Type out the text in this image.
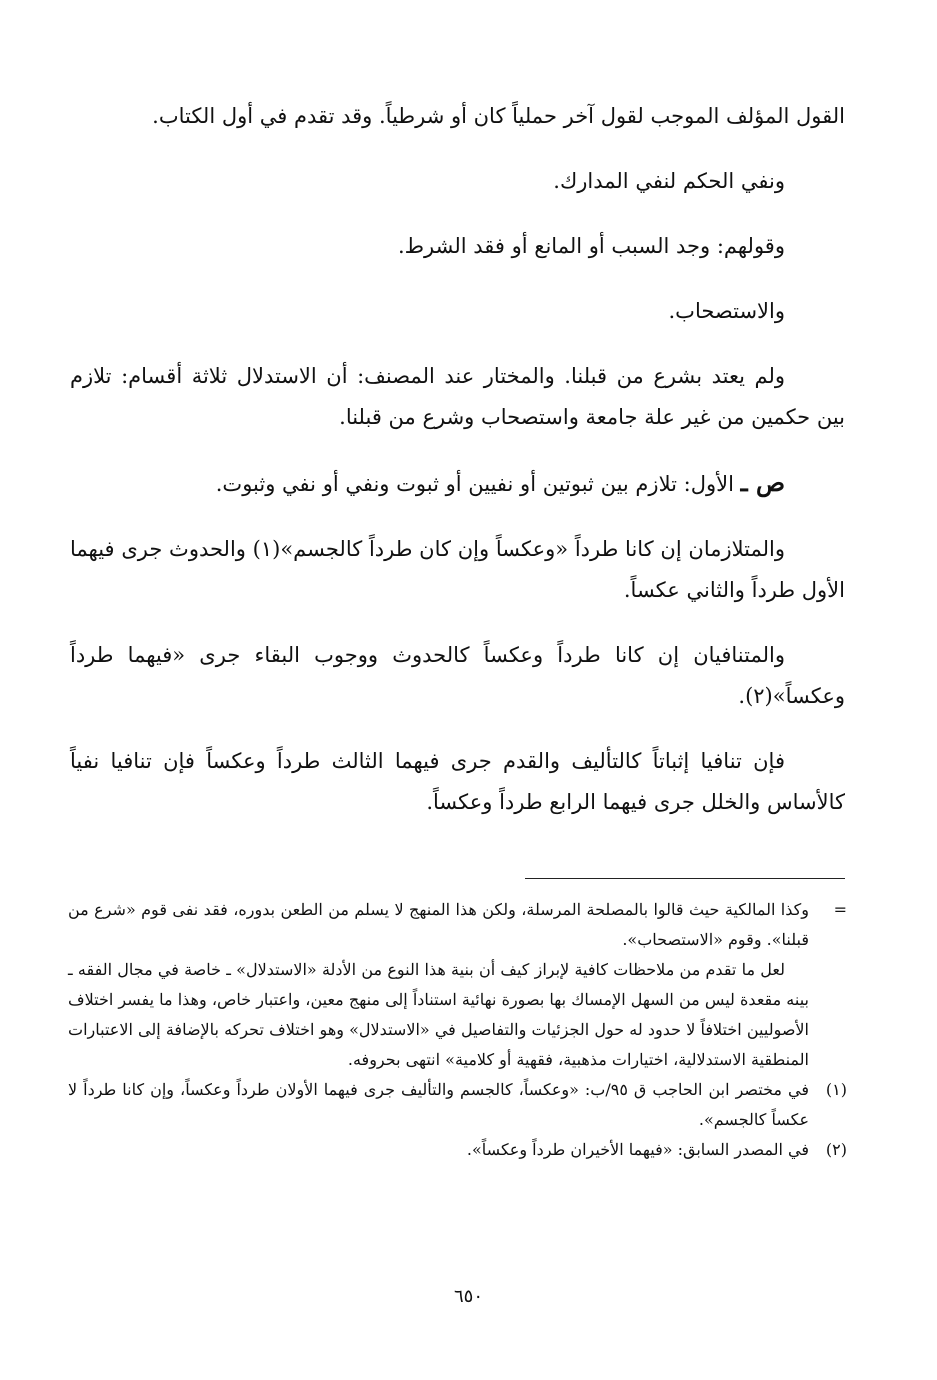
القول المؤلف الموجب لقول آخر حملياً كان أو شرطياً. وقد تقدم في أول الكتاب.

ونفي الحكم لنفي المدارك.

وقولهم: وجد السبب أو المانع أو فقد الشرط.

والاستصحاب.

ولم يعتد بشرع من قبلنا. والمختار عند المصنف: أن الاستدلال ثلاثة أقسام: تلازم بين حكمين من غير علة جامعة واستصحاب وشرع من قبلنا.

ص ـ الأول: تلازم بين ثبوتين أو نفيين أو ثبوت ونفي أو نفي وثبوت.

والمتلازمان إن كانا طرداً «وعكساً وإن كان طرداً كالجسم»(١) والحدوث جرى فيهما الأول طرداً والثاني عكساً.

والمتنافيان إن كانا طرداً وعكساً كالحدوث ووجوب البقاء جرى «فيهما طرداً وعكساً»(٢).

فإن تنافيا إثباتاً كالتأليف والقدم جرى فيهما الثالث طرداً وعكساً فإن تنافيا نفياً كالأساس والخلل جرى فيهما الرابع طرداً وعكساً.

=
وكذا المالكية حيث قالوا بالمصلحة المرسلة، ولكن هذا المنهج لا يسلم من الطعن بدوره، فقد نفى قوم «شرع من قبلنا». وقوم «الاستصحاب».

لعل ما تقدم من ملاحظات كافية لإبراز كيف أن بنية هذا النوع من الأدلة «الاستدلال» ـ خاصة في مجال الفقه ـ بينه مقعدة ليس من السهل الإمساك بها بصورة نهائية استناداً إلى منهج معين، واعتبار خاص، وهذا ما يفسر اختلاف الأصوليين اختلافاً لا حدود له حول الجزئيات والتفاصيل في «الاستدلال» وهو اختلاف تحركه بالإضافة إلى الاعتبارات المنطقية الاستدلالية، اختيارات مذهبية، فقهية أو كلامية» انتهى بحروفه.

(١)
في مختصر ابن الحاجب ق ٩٥/ب: «وعكساً، كالجسم والتأليف جرى فيهما الأولان طرداً وعكساً، وإن كانا طرداً لا عكساً كالجسم».

(٢)
في المصدر السابق: «فيهما الأخيران طرداً وعكساً».

٦٥٠
